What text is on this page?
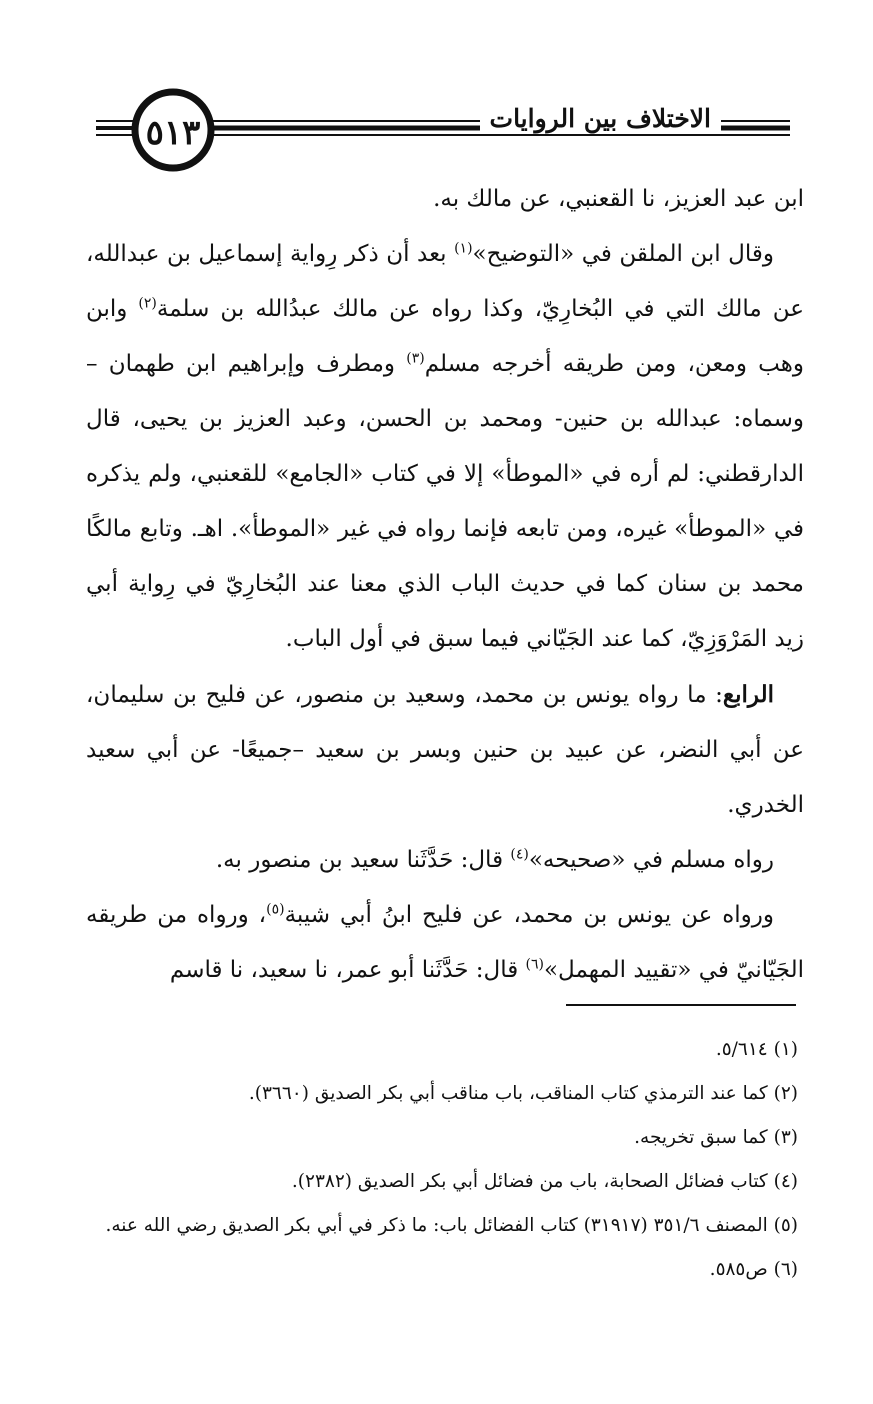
الاختلاف بين الروايات
٥١٣

ابن عبد العزيز، نا القعنبي، عن مالك به.

وقال ابن الملقن في «التوضيح»$^{(١)}$ بعد أن ذكر رِواية إسماعيل بن عبدالله، عن مالك التي في البُخارِيّ، وكذا رواه عن مالك عبدُالله بن سلمة$^{(٢)}$ وابن وهب ومعن، ومن طريقه أخرجه مسلم$^{(٣)}$ ومطرف وإبراهيم ابن طهمان –وسماه: عبدالله بن حنين- ومحمد بن الحسن، وعبد العزيز بن يحيى، قال الدارقطني: لم أره في «الموطأ» إلا في كتاب «الجامع» للقعنبي، ولم يذكره في «الموطأ» غيره، ومن تابعه فإنما رواه في غير «الموطأ». اهـ. وتابع مالكًا محمد بن سنان كما في حديث الباب الذي معنا عند البُخارِيّ في رِواية أبي زيد المَرْوَزِيّ، كما عند الجَيّاني فيما سبق في أول الباب.

الرابع: ما رواه يونس بن محمد، وسعيد بن منصور، عن فليح بن سليمان، عن أبي النضر، عن عبيد بن حنين وبسر بن سعيد –جميعًا- عن أبي سعيد الخدري.

رواه مسلم في «صحيحه»$^{(٤)}$ قال: حَدَّثَنا سعيد بن منصور به.

ورواه عن يونس بن محمد، عن فليح ابنُ أبي شيبة$^{(٥)}$، ورواه من طريقه الجَيّانيّ في «تقييد المهمل»$^{(٦)}$ قال: حَدَّثَنا أبو عمر، نا سعيد، نا قاسم

(١) ٥/٦١٤.
(٢) كما عند الترمذي كتاب المناقب، باب مناقب أبي بكر الصديق (٣٦٦٠).
(٣) كما سبق تخريجه.
(٤) كتاب فضائل الصحابة، باب من فضائل أبي بكر الصديق (٢٣٨٢).
(٥) المصنف ٣٥١/٦ (٣١٩١٧) كتاب الفضائل باب: ما ذكر في أبي بكر الصديق رضي الله عنه.
(٦) ص٥٨٥.
